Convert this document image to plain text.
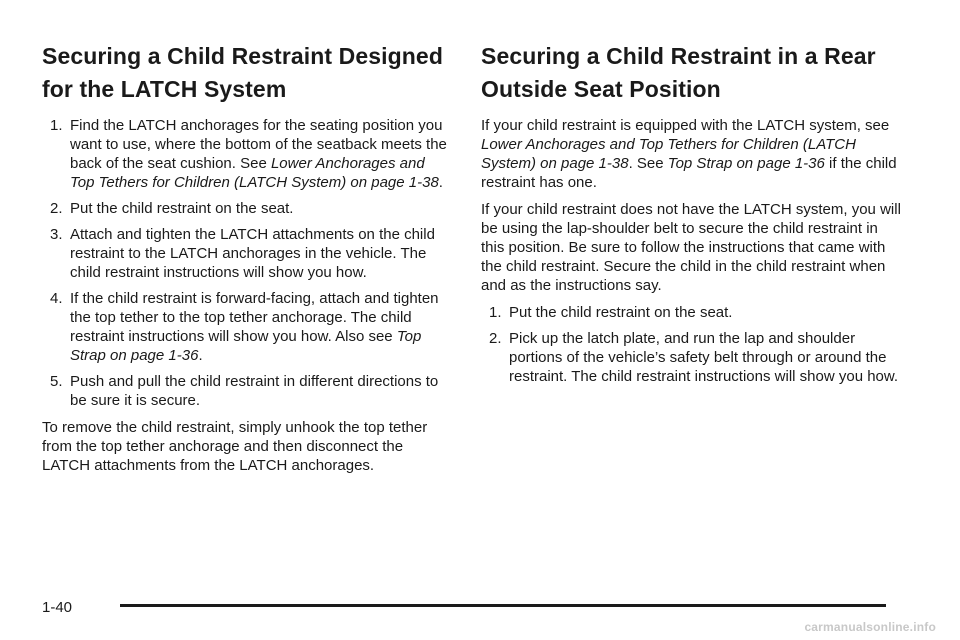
Securing a Child Restraint Designed for the LATCH System
1. Find the LATCH anchorages for the seating position you want to use, where the bottom of the seatback meets the back of the seat cushion. See Lower Anchorages and Top Tethers for Children (LATCH System) on page 1-38.
2. Put the child restraint on the seat.
3. Attach and tighten the LATCH attachments on the child restraint to the LATCH anchorages in the vehicle. The child restraint instructions will show you how.
4. If the child restraint is forward-facing, attach and tighten the top tether to the top tether anchorage. The child restraint instructions will show you how. Also see Top Strap on page 1-36.
5. Push and pull the child restraint in different directions to be sure it is secure.

To remove the child restraint, simply unhook the top tether from the top tether anchorage and then disconnect the LATCH attachments from the LATCH anchorages.

Securing a Child Restraint in a Rear Outside Seat Position

If your child restraint is equipped with the LATCH system, see Lower Anchorages and Top Tethers for Children (LATCH System) on page 1-38. See Top Strap on page 1-36 if the child restraint has one.

If your child restraint does not have the LATCH system, you will be using the lap-shoulder belt to secure the child restraint in this position. Be sure to follow the instructions that came with the child restraint. Secure the child in the child restraint when and as the instructions say.

1. Put the child restraint on the seat.
2. Pick up the latch plate, and run the lap and shoulder portions of the vehicle’s safety belt through or around the restraint. The child restraint instructions will show you how.
1-40
carmanualsonline.info
